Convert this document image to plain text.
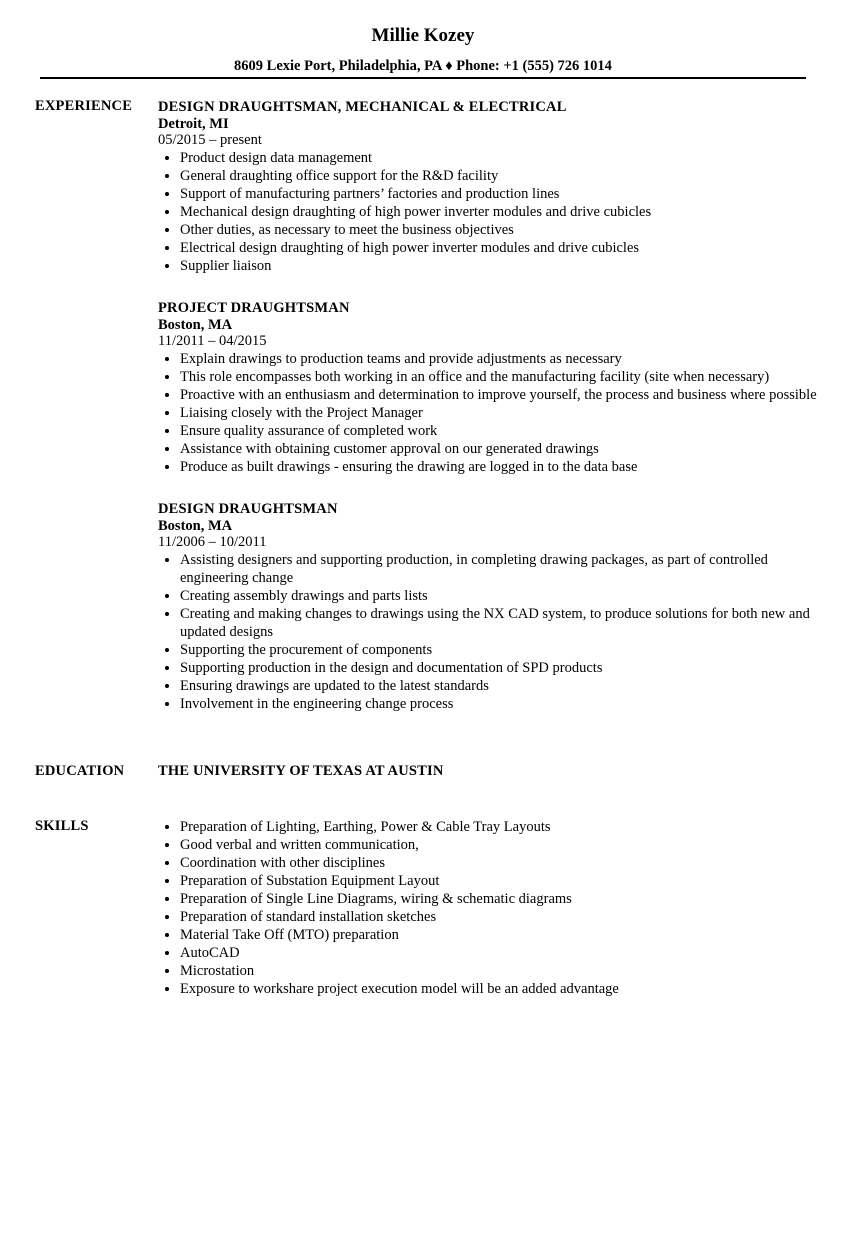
Millie Kozey
8609 Lexie Port, Philadelphia, PA ♦ Phone: +1 (555) 726 1014
EXPERIENCE DESIGN DRAUGHTSMAN, MECHANICAL & ELECTRICAL
Detroit, MI
05/2015 – present
Product design data management
General draughting office support for the R&D facility
Support of manufacturing partners’ factories and production lines
Mechanical design draughting of high power inverter modules and drive cubicles
Other duties, as necessary to meet the business objectives
Electrical design draughting of high power inverter modules and drive cubicles
Supplier liaison
PROJECT DRAUGHTSMAN
Boston, MA
11/2011 – 04/2015
Explain drawings to production teams and provide adjustments as necessary
This role encompasses both working in an office and the manufacturing facility (site when necessary)
Proactive with an enthusiasm and determination to improve yourself, the process and business where possible
Liaising closely with the Project Manager
Ensure quality assurance of completed work
Assistance with obtaining customer approval on our generated drawings
Produce as built drawings - ensuring the drawing are logged in to the data base
DESIGN DRAUGHTSMAN
Boston, MA
11/2006 – 10/2011
Assisting designers and supporting production, in completing drawing packages, as part of controlled engineering change
Creating assembly drawings and parts lists
Creating and making changes to drawings using the NX CAD system, to produce solutions for both new and updated designs
Supporting the procurement of components
Supporting production in the design and documentation of SPD products
Ensuring drawings are updated to the latest standards
Involvement in the engineering change process
EDUCATION THE UNIVERSITY OF TEXAS AT AUSTIN
SKILLS	Preparation of Lighting, Earthing, Power & Cable Tray Layouts
Good verbal and written communication,
Coordination with other disciplines
Preparation of Substation Equipment Layout
Preparation of Single Line Diagrams, wiring & schematic diagrams
Preparation of standard installation sketches
Material Take Off (MTO) preparation
AutoCAD
Microstation
Exposure to workshare project execution model will be an added advantage
